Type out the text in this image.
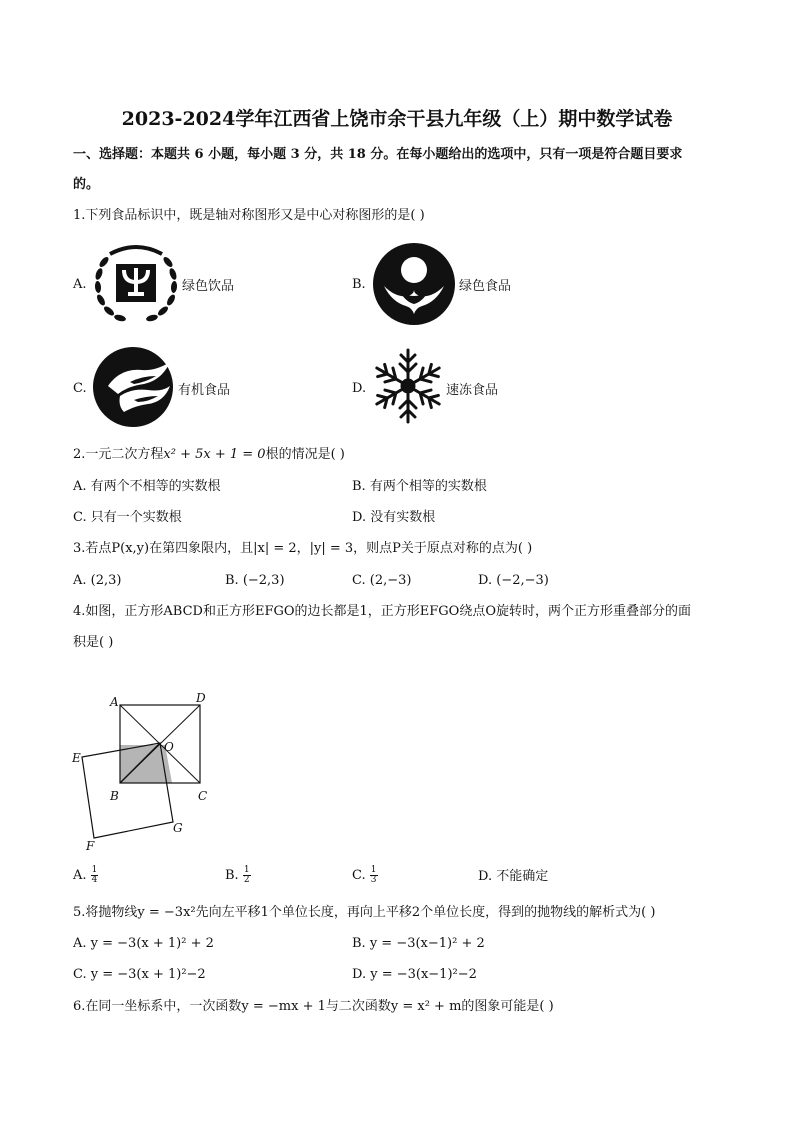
2023-2024学年江西省上饶市余干县九年级（上）期中数学试卷
一、选择题：本题共 6 小题，每小题 3 分，共 18 分。在每小题给出的选项中，只有一项是符合题目要求
的。
1.下列食品标识中，既是轴对称图形又是中心对称图形的是( )
A.	绿色饮品	B.	绿色食品
C.	有机食品	D.	速冻食品
2.一元二次方程x² + 5x + 1 = 0根的情况是( )
A. 有两个不相等的实数根	B. 有两个相等的实数根
C. 只有一个实数根	D. 没有实数根
3.若点P(x,y)在第四象限内，且|x| = 2，|y| = 3，则点P关于原点对称的点为( )
A. (2,3)	B. (−2,3)	C. (2,−3)	D. (−2,−3)
4.如图，正方形ABCD和正方形EFGO的边长都是1，正方形EFGO绕点O旋转时，两个正方形重叠部分的面
积是( )
A	D
O
E
B	C
G
F
A. $\frac{1}{4}$	B. $\frac{1}{2}$	C. $\frac{1}{3}$	D. 不能确定
5.将抛物线y = −3x²先向左平移1个单位长度，再向上平移2个单位长度，得到的抛物线的解析式为( )
A. y = −3(x + 1)² + 2	B. y = −3(x−1)² + 2
C. y = −3(x + 1)²−2	D. y = −3(x−1)²−2
6.在同一坐标系中，一次函数y = −mx + 1与二次函数y = x² + m的图象可能是( )
